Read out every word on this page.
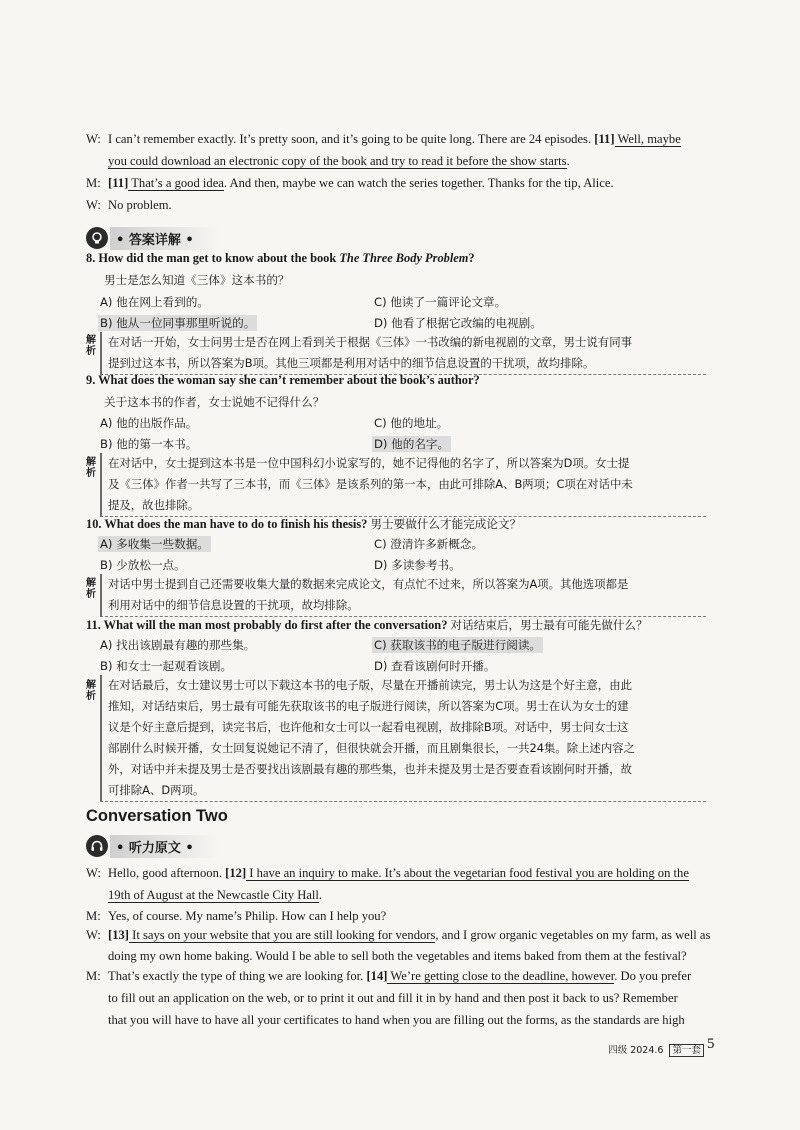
W: I can’t remember exactly. It’s pretty soon, and it’s going to be quite long. There are 24 episodes. [11] Well, maybe
you could download an electronic copy of the book and try to read it before the show starts.
M: [11] That’s a good idea. And then, maybe we can watch the series together. Thanks for the tip, Alice.
W: No problem.
• 答案详解 •
8. How did the man get to know about the book The Three Body Problem?
男士是怎么知道《三体》这本书的？
A) 他在网上看到的。	C) 他读了一篇评论文章。
B) 他从一位同事那里听说的。	D) 他看了根据它改编的电视剧。
解
析
在对话一开始，女士问男士是否在网上看到关于根据《三体》一书改编的新电视剧的文章，男士说有同事
提到过这本书，所以答案为B项。其他三项都是利用对话中的细节信息设置的干扰项，故均排除。
9. What does the woman say she can’t remember about the book’s author?
关于这本书的作者，女士说她不记得什么？
A) 他的出版作品。	C) 他的地址。
B) 他的第一本书。	D) 他的名字。
解
析
在对话中，女士提到这本书是一位中国科幻小说家写的，她不记得他的名字了，所以答案为D项。女士提
及《三体》作者一共写了三本书，而《三体》是该系列的第一本，由此可排除A、B两项；C项在对话中未
提及，故也排除。
10. What does the man have to do to finish his thesis? 男士要做什么才能完成论文？
A) 多收集一些数据。	C) 澄清许多新概念。
B) 少放松一点。	D) 多读参考书。
解
析
对话中男士提到自己还需要收集大量的数据来完成论文，有点忙不过来，所以答案为A项。其他选项都是
利用对话中的细节信息设置的干扰项，故均排除。
11. What will the man most probably do first after the conversation? 对话结束后，男士最有可能先做什么？
A) 找出该剧最有趣的那些集。	C) 获取该书的电子版进行阅读。
B) 和女士一起观看该剧。	D) 查看该剧何时开播。
解
析
在对话最后，女士建议男士可以下载这本书的电子版，尽量在开播前读完，男士认为这是个好主意，由此
推知，对话结束后，男士最有可能先获取该书的电子版进行阅读，所以答案为C项。男士在认为女士的建
议是个好主意后提到，读完书后，也许他和女士可以一起看电视剧，故排除B项。对话中，男士问女士这
部剧什么时候开播，女士回复说她记不清了，但很快就会开播，而且剧集很长，一共24集。除上述内容之
外，对话中并未提及男士是否要找出该剧最有趣的那些集，也并未提及男士是否要查看该剧何时开播，故
可排除A、D两项。
Conversation Two
• 听力原文 •
W: Hello, good afternoon. [12] I have an inquiry to make. It’s about the vegetarian food festival you are holding on the
19th of August at the Newcastle City Hall.
M: Yes, of course. My name’s Philip. How can I help you?
W: [13] It says on your website that you are still looking for vendors, and I grow organic vegetables on my farm, as well as
doing my own home baking. Would I be able to sell both the vegetables and items baked from them at the festival?
M: That’s exactly the type of thing we are looking for. [14] We’re getting close to the deadline, however. Do you prefer
to fill out an application on the web, or to print it out and fill it in by hand and then post it back to us? Remember
that you will have to have all your certificates to hand when you are filling out the forms, as the standards are high
四级 2024.6 第一套 5
